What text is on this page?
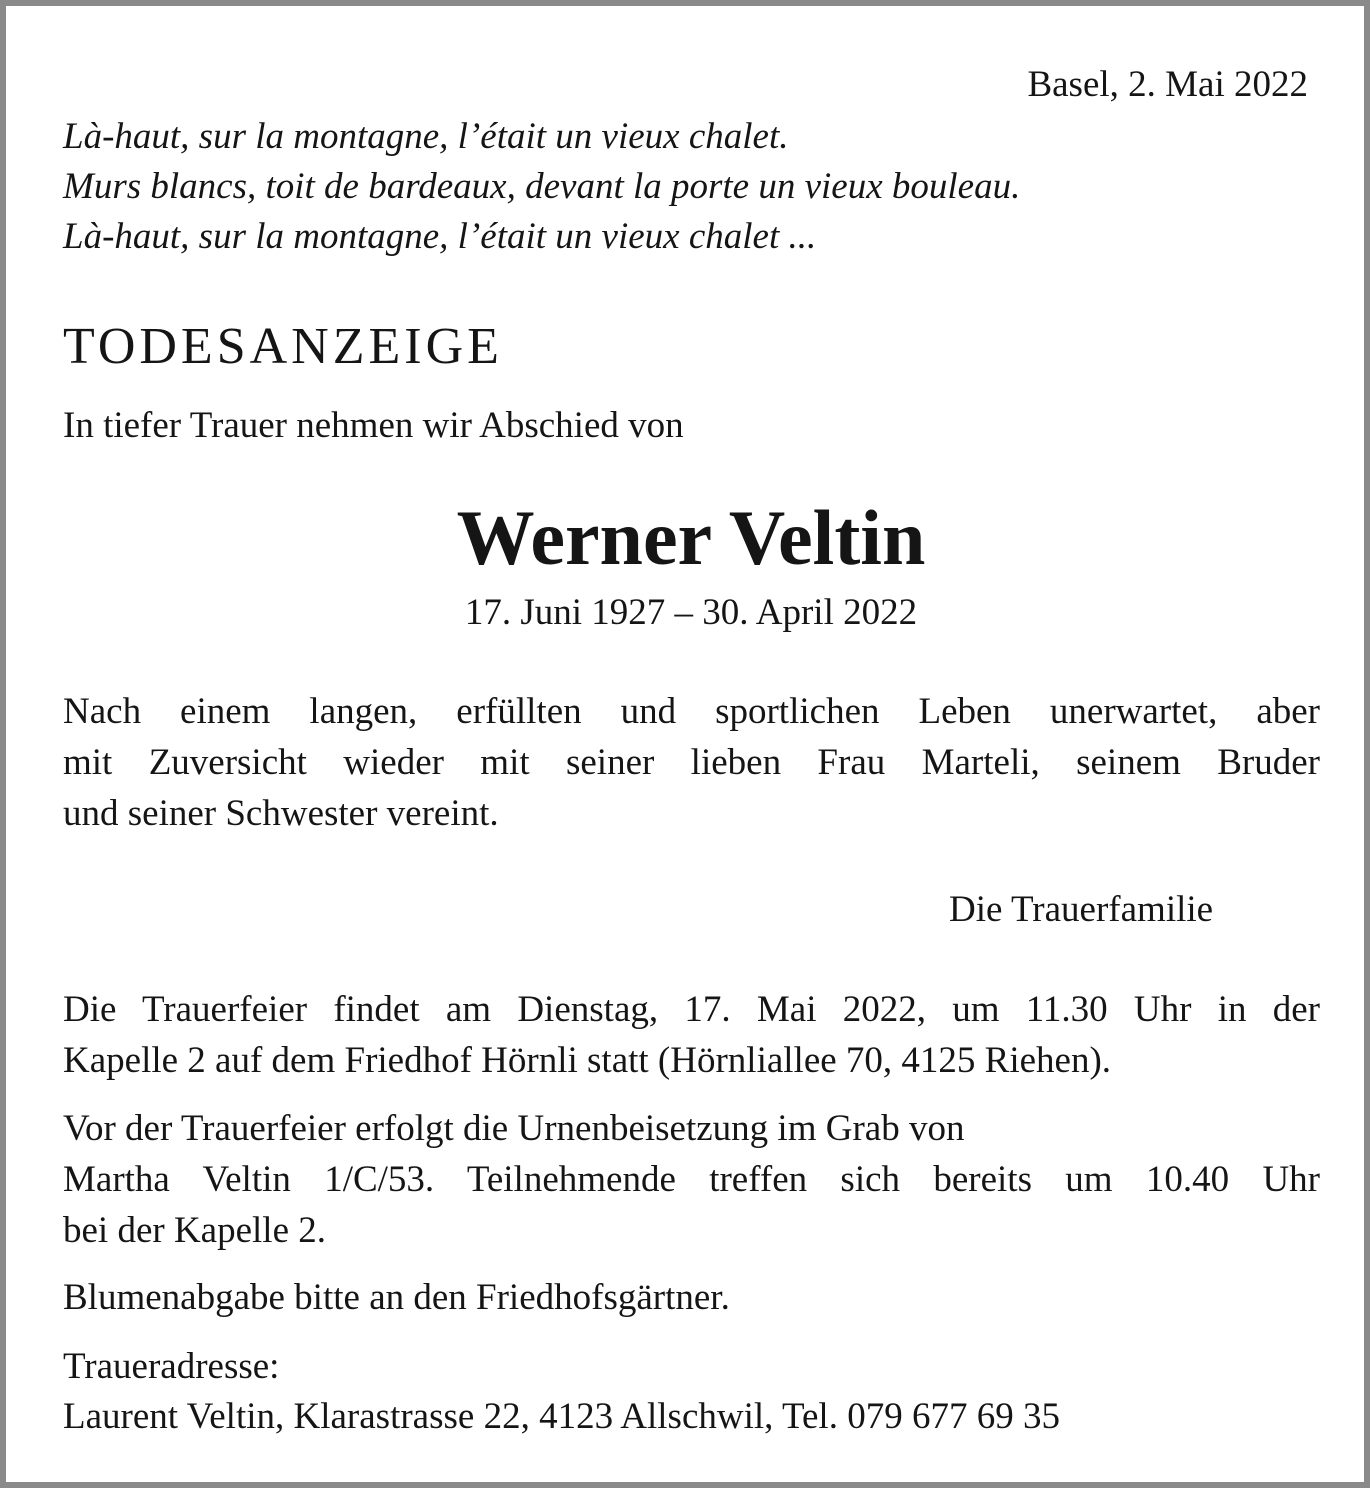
Basel, 2. Mai 2022

Là-haut, sur la montagne, l’était un vieux chalet.
Murs blancs, toit de bardeaux, devant la porte un vieux bouleau.
Là-haut, sur la montagne, l’était un vieux chalet ...

TODESANZEIGE

In tiefer Trauer nehmen wir Abschied von

Werner Veltin

17. Juni 1927 – 30. April 2022

Nach einem langen, erfüllten und sportlichen Leben unerwartet, aber
mit Zuversicht wieder mit seiner lieben Frau Marteli, seinem Bruder
und seiner Schwester vereint.

Die Trauerfamilie

Die Trauerfeier findet am Dienstag, 17. Mai 2022, um 11.30 Uhr in der
Kapelle 2 auf dem Friedhof Hörnli statt (Hörnliallee 70, 4125 Riehen).

Vor der Trauerfeier erfolgt die Urnenbeisetzung im Grab von
Martha Veltin 1/C/53. Teilnehmende treffen sich bereits um 10.40 Uhr
bei der Kapelle 2.

Blumenabgabe bitte an den Friedhofsgärtner.

Traueradresse:
Laurent Veltin, Klarastrasse 22, 4123 Allschwil, Tel. 079 677 69 35
